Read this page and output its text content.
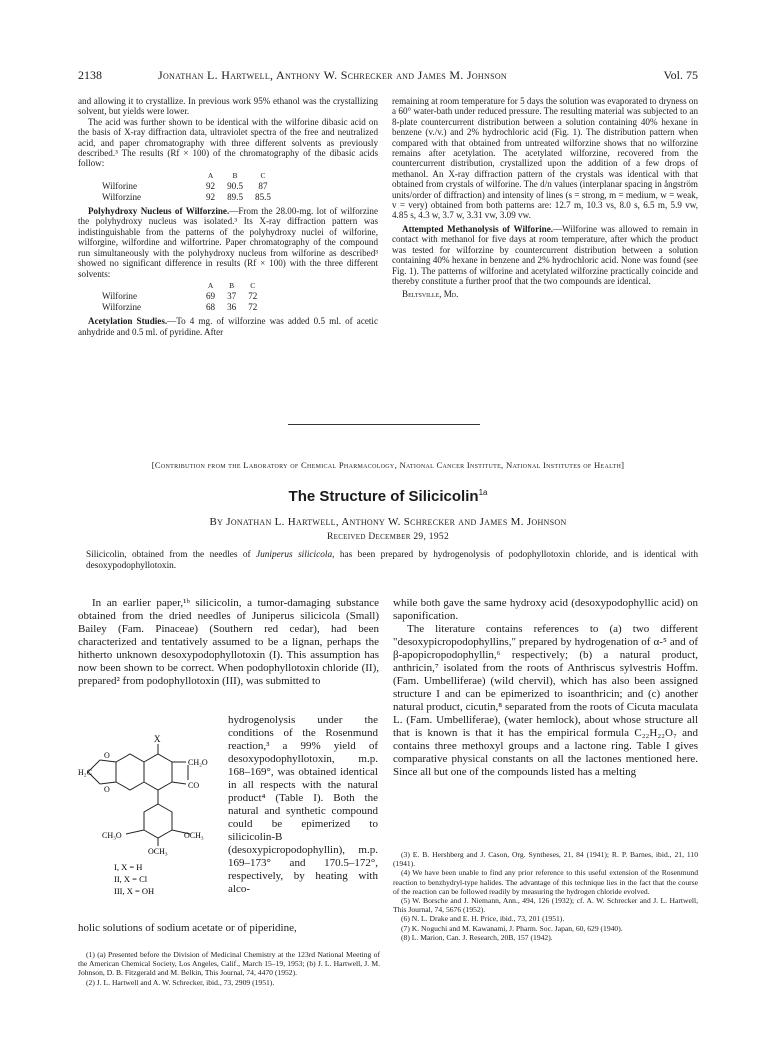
2138	Jonathan L. Hartwell, Anthony W. Schrecker and James M. Johnson	Vol. 75

and allowing it to crystallize. In previous work 95% ethanol was the crystallizing solvent, but yields were lower.

The acid was further shown to be identical with the wilforine dibasic acid on the basis of X-ray diffraction data, ultraviolet spectra of the free and neutralized acid, and paper chromatography with three different solvents as previously described.³ The results (Rf × 100) of the chromatography of the dibasic acids follow:

	A	B	C
Wilforine	92	90.5	87
Wilforzine	92	89.5	85.5

Polyhydroxy Nucleus of Wilforzine.—From the 28.00-mg. lot of wilforzine the polyhydroxy nucleus was isolated.³ Its X-ray diffraction pattern was indistinguishable from the patterns of the polyhydroxy nuclei of wilforine, wilforgine, wilfordine and wilfortrine. Paper chromatography of the compound run simultaneously with the polyhydroxy nucleus from wilforine as described³ showed no significant difference in results (Rf × 100) with the three different solvents:

	A	B	C
Wilforine	69	37	72
Wilforzine	68	36	72

Acetylation Studies.—To 4 mg. of wilforzine was added 0.5 ml. of acetic anhydride and 0.5 ml. of pyridine. After

remaining at room temperature for 5 days the solution was evaporated to dryness on a 60° water-bath under reduced pressure. The resulting material was subjected to an 8-plate countercurrent distribution between a solution containing 40% hexane in benzene (v./v.) and 2% hydrochloric acid (Fig. 1). The distribution pattern when compared with that obtained from untreated wilforzine shows that no wilforzine remains after acetylation. The acetylated wilforzine, recovered from the countercurrent distribution, crystallized upon the addition of a few drops of methanol. An X-ray diffraction pattern of the crystals was identical with that obtained from crystals of wilforine. The d/n values (interplanar spacing in ångström units/order of diffraction) and intensity of lines (s = strong, m = medium, w = weak, v = very) obtained from both patterns are: 12.7 m, 10.3 vs, 8.0 s, 6.5 m, 5.9 vw, 4.85 s, 4.3 w, 3.7 w, 3.31 vw, 3.09 vw.

Attempted Methanolysis of Wilforine.—Wilforine was allowed to remain in contact with methanol for five days at room temperature, after which the product was tested for wilforzine by countercurrent distribution between a solution containing 40% hexane in benzene and 2% hydrochloric acid. None was found (see Fig. 1). The patterns of wilforine and acetylated wilforzine practically coincide and thereby constitute a further proof that the two compounds are identical.

Beltsville, Md.

[Contribution from the Laboratory of Chemical Pharmacology, National Cancer Institute, National Institutes of Health]
The Structure of Silicicolin$^{1a}$
By Jonathan L. Hartwell, Anthony W. Schrecker and James M. Johnson
Received December 29, 1952
Silicicolin, obtained from the needles of Juniperus silicicola, has been prepared by hydrogenolysis of podophyllotoxin chloride, and is identical with desoxypodophyllotoxin.

In an earlier paper,¹ᵇ silicicolin, a tumor-damaging substance obtained from the dried needles of Juniperus silicicola (Small) Bailey (Fam. Pinaceae) (Southern red cedar), had been characterized and tentatively assumed to be a lignan, perhaps the hitherto unknown desoxypodophyllotoxin (I). This assumption has now been shown to be correct. When podophyllotoxin chloride (II), prepared² from podophyllotoxin (III), was submitted to

hydrogenolysis under the conditions of the Rosenmund reaction,³ a 99% yield of desoxypodophyllotoxin, m.p. 168–169°, was obtained identical in all respects with the natural product⁴ (Table I). Both the natural and synthetic compound could be epimerized to silicicolin-B (desoxypicropodophyllin), m.p. 169–173° and 170.5–172°, respectively, by heating with alco-
holic solutions of sodium acetate or of piperidine,
X
CH₂O
H₂C
O
O	CO
CH₃O	OCH₃
OCH₃
I, X = H
II, X = Cl
III, X = OH

while both gave the same hydroxy acid (desoxypodophyllic acid) on saponification.

The literature contains references to (a) two different "desoxypicropodophyllins," prepared by hydrogenation of α-⁵ and of β-apopicropodophyllin,⁶ respectively; (b) a natural product, anthricin,⁷ isolated from the roots of Anthriscus sylvestris Hoffm. (Fam. Umbelliferae) (wild chervil), which has also been assigned structure I and can be epimerized to isoanthricin; and (c) another natural product, cicutin,⁸ separated from the roots of Cicuta maculata L. (Fam. Umbelliferae), (water hemlock), about whose structure all that is known is that it has the empirical formula C₂₂H₂₂O₇ and contains three methoxyl groups and a lactone ring. Table I gives comparative physical constants on all the lactones mentioned here. Since all but one of the compounds listed has a melting

(1) (a) Presented before the Division of Medicinal Chemistry at the 123rd National Meeting of the American Chemical Society, Los Angeles, Calif., March 15–19, 1953; (b) J. L. Hartwell, J. M. Johnson, D. B. Fitzgerald and M. Belkin, This Journal, 74, 4470 (1952).

(2) J. L. Hartwell and A. W. Schrecker, ibid., 73, 2909 (1951).

(3) E. B. Hershberg and J. Cason, Org. Syntheses, 21, 84 (1941); R. P. Barnes, ibid., 21, 110 (1941).

(4) We have been unable to find any prior reference to this useful extension of the Rosenmund reaction to benzhydryl-type halides. The advantage of this technique lies in the fact that the course of the reaction can be followed readily by measuring the hydrogen chloride evolved.

(5) W. Borsche and J. Niemann, Ann., 494, 126 (1932); cf. A. W. Schrecker and J. L. Hartwell, This Journal, 74, 5676 (1952).

(6) N. L. Drake and E. H. Price, ibid., 73, 201 (1951).

(7) K. Noguchi and M. Kawanami, J. Pharm. Soc. Japan, 60, 629 (1940).

(8) L. Marion, Can. J. Research, 20B, 157 (1942).
